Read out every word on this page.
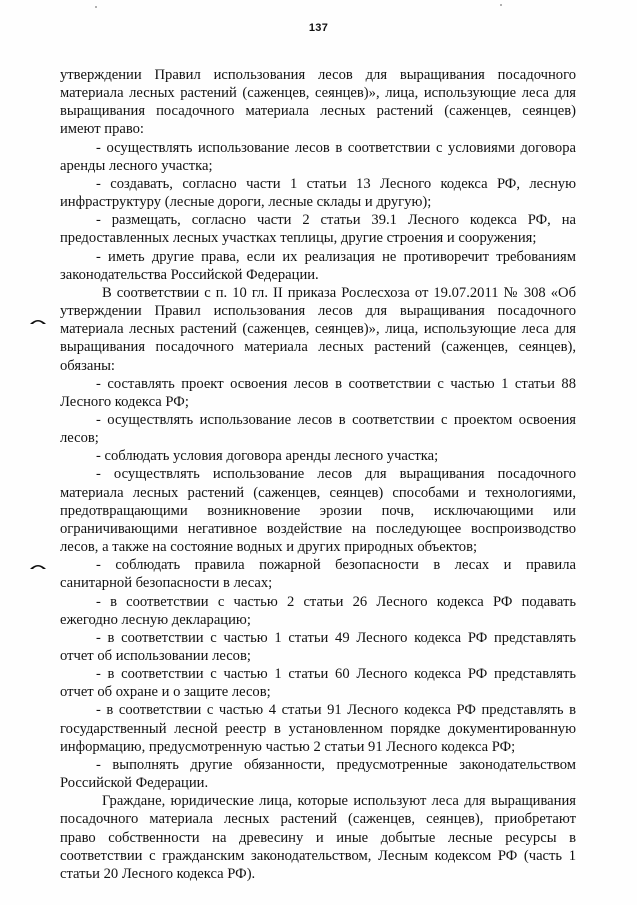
137
утверждении Правил использования лесов для выращивания посадочного
материала лесных растений (саженцев, сеянцев)», лица, использующие леса для
выращивания посадочного материала лесных растений (саженцев, сеянцев)
имеют право:
- осуществлять использование лесов в соответствии с условиями договора
аренды лесного участка;
- создавать, согласно части 1 статьи 13 Лесного кодекса РФ, лесную
инфраструктуру (лесные дороги, лесные склады и другую);
- размещать, согласно части 2 статьи 39.1 Лесного кодекса РФ, на
предоставленных лесных участках теплицы, другие строения и сооружения;
- иметь другие права, если их реализация не противоречит требованиям
законодательства Российской Федерации.
В соответствии с п. 10 гл. II приказа Рослесхоза от 19.07.2011 № 308 «Об
утверждении Правил использования лесов для выращивания посадочного
материала лесных растений (саженцев, сеянцев)», лица, использующие леса для
выращивания посадочного материала лесных растений (саженцев, сеянцев),
обязаны:
- составлять проект освоения лесов в соответствии с частью 1 статьи 88
Лесного кодекса РФ;
- осуществлять использование лесов в соответствии с проектом освоения
лесов;
- соблюдать условия договора аренды лесного участка;
- осуществлять использование лесов для выращивания посадочного
материала лесных растений (саженцев, сеянцев) способами и технологиями,
предотвращающими возникновение эрозии почв, исключающими или
ограничивающими негативное воздействие на последующее воспроизводство
лесов, а также на состояние водных и других природных объектов;
- соблюдать правила пожарной безопасности в лесах и правила
санитарной безопасности в лесах;
- в соответствии с частью 2 статьи 26 Лесного кодекса РФ подавать
ежегодно лесную декларацию;
- в соответствии с частью 1 статьи 49 Лесного кодекса РФ представлять
отчет об использовании лесов;
- в соответствии с частью 1 статьи 60 Лесного кодекса РФ представлять
отчет об охране и о защите лесов;
- в соответствии с частью 4 статьи 91 Лесного кодекса РФ представлять в
государственный лесной реестр в установленном порядке документированную
информацию, предусмотренную частью 2 статьи 91 Лесного кодекса РФ;
- выполнять другие обязанности, предусмотренные законодательством
Российской Федерации.
Граждане, юридические лица, которые используют леса для выращивания
посадочного материала лесных растений (саженцев, сеянцев), приобретают
право собственности на древесину и иные добытые лесные ресурсы в
соответствии с гражданским законодательством, Лесным кодексом РФ (часть 1
статьи 20 Лесного кодекса РФ).
